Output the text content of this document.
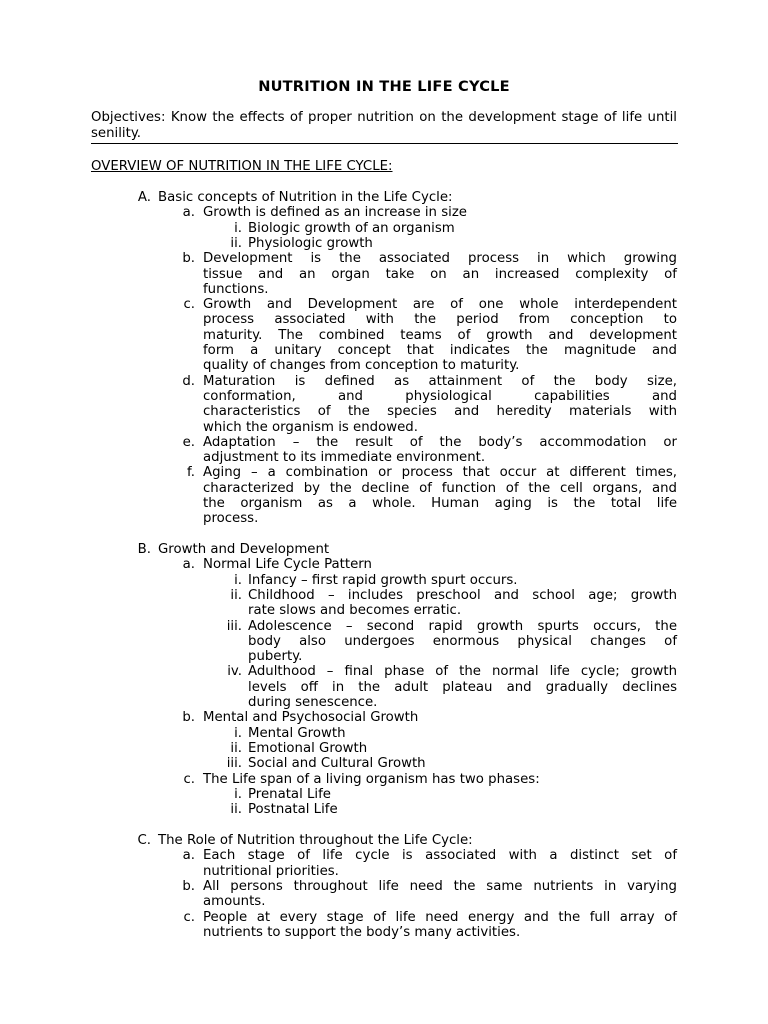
NUTRITION IN THE LIFE CYCLE
Objectives: Know the effects of proper nutrition on the development stage of life until senility.
OVERVIEW OF NUTRITION IN THE LIFE CYCLE:
A. Basic concepts of Nutrition in the Life Cycle:
a. Growth is defined as an increase in size
i. Biologic growth of an organism
ii. Physiologic growth
b. Development is the associated process in which growing
tissue and an organ take on an increased complexity of
functions.
c. Growth and Development are of one whole interdependent
process associated with the period from conception to
maturity. The combined teams of growth and development
form a unitary concept that indicates the magnitude and
quality of changes from conception to maturity.
d. Maturation is defined as attainment of the body size,
conformation, and physiological capabilities and
characteristics of the species and heredity materials with
which the organism is endowed.
e. Adaptation – the result of the body’s accommodation or
adjustment to its immediate environment.
f. Aging – a combination or process that occur at different times,
characterized by the decline of function of the cell organs, and
the organism as a whole. Human aging is the total life
process.
B. Growth and Development
a. Normal Life Cycle Pattern
i. Infancy – first rapid growth spurt occurs.
ii. Childhood – includes preschool and school age; growth
rate slows and becomes erratic.
iii. Adolescence – second rapid growth spurts occurs, the
body also undergoes enormous physical changes of
puberty.
iv. Adulthood – final phase of the normal life cycle; growth
levels off in the adult plateau and gradually declines
during senescence.
b. Mental and Psychosocial Growth
i. Mental Growth
ii. Emotional Growth
iii. Social and Cultural Growth
c. The Life span of a living organism has two phases:
i. Prenatal Life
ii. Postnatal Life
C. The Role of Nutrition throughout the Life Cycle:
a. Each stage of life cycle is associated with a distinct set of
nutritional priorities.
b. All persons throughout life need the same nutrients in varying
amounts.
c. People at every stage of life need energy and the full array of
nutrients to support the body’s many activities.
